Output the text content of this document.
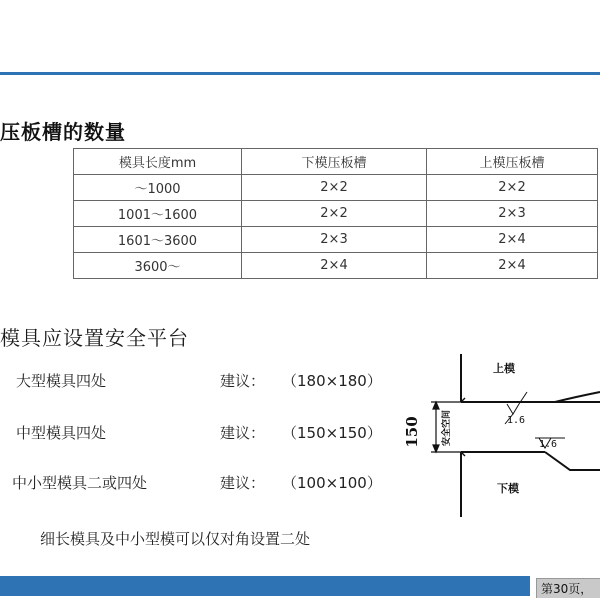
压板槽的数量
模具长度mm	下模压板槽	上模压板槽
～1000	2×2	2×2
1001～1600	2×2	2×3
1601～3600	2×3	2×4
3600～	2×4	2×4
模具应设置安全平台
大型模具四处	建议： （180×180）
中型模具四处	建议： （150×150）
中小型模具二或四处	建议： （100×100）
细长模具及中小型模可以仅对角设置二处
150 安全空间
上模
下模
1.6
1.6
第30页，
